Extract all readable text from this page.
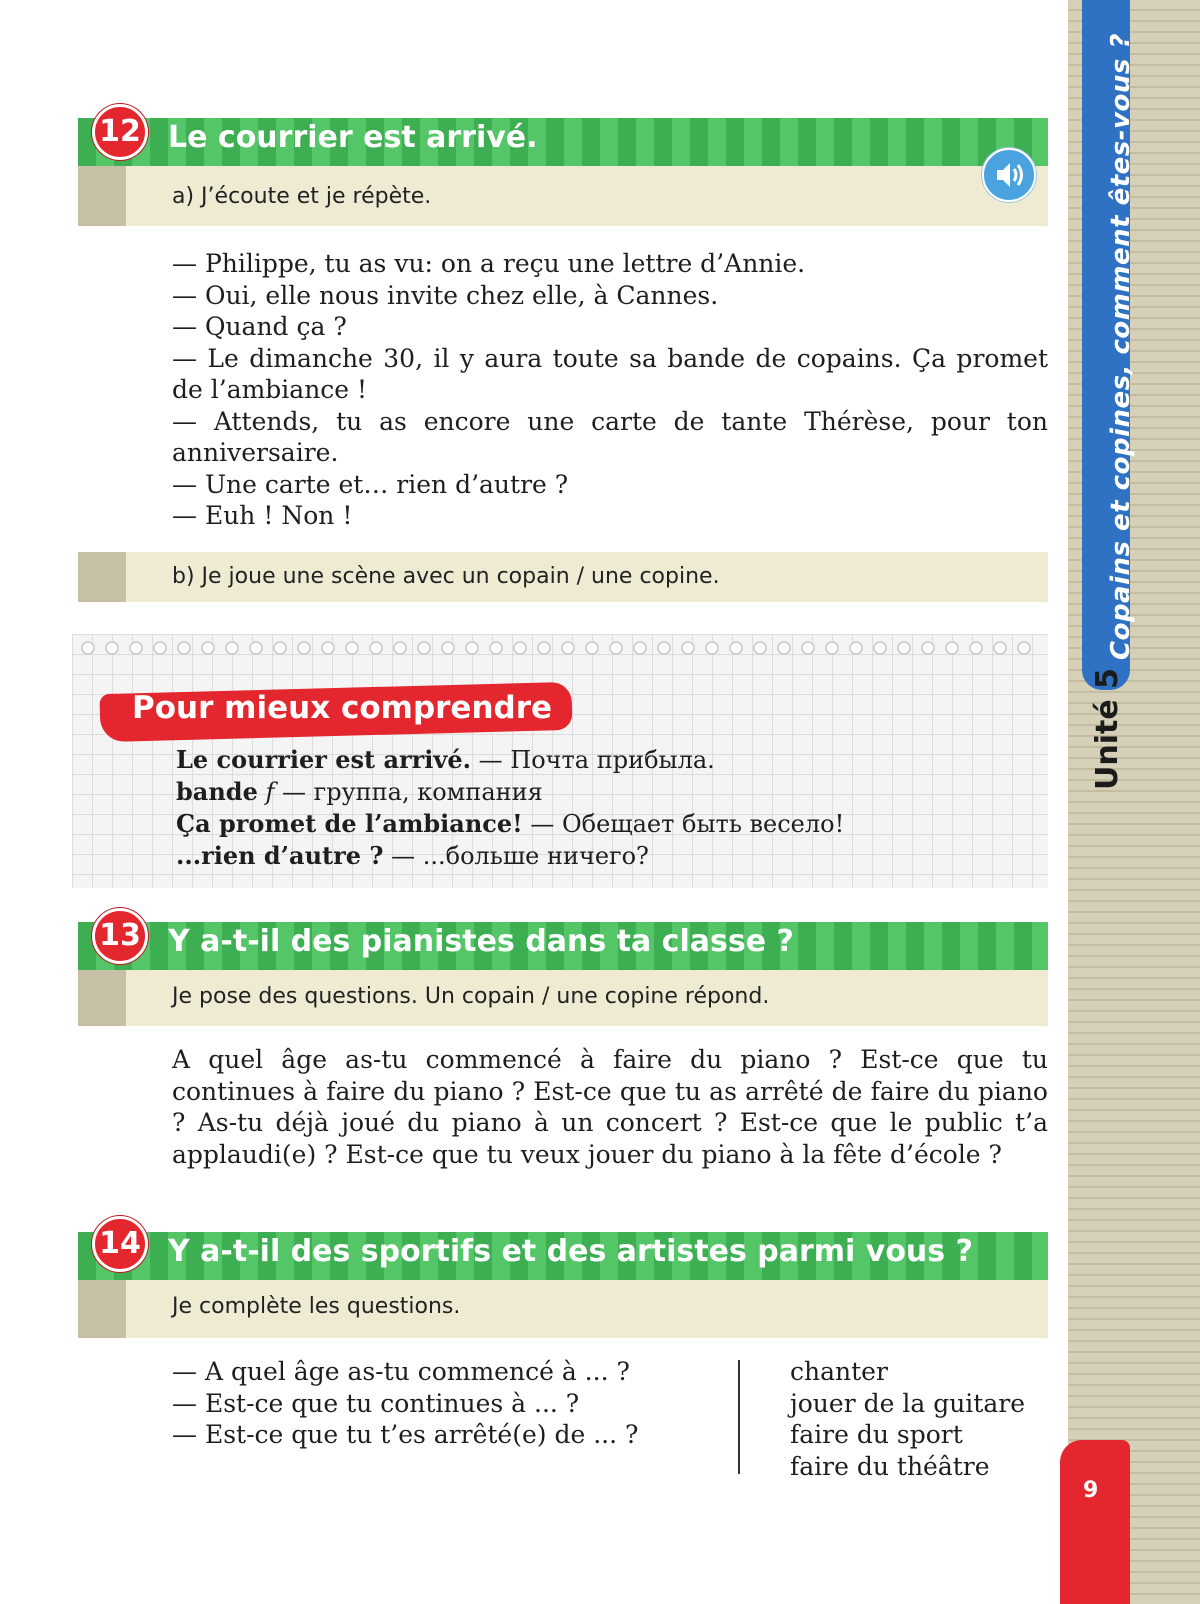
Copains et copines, comment êtes-vous ?
Unité 5
9
Le courrier est arrivé.
12
a) J’écoute et je répète.

— Philippe, tu as vu: on a reçu une lettre d’Annie.

— Oui, elle nous invite chez elle, à Cannes.

— Quand ça ?

— Le dimanche 30, il y aura toute sa bande de copains. Ça promet de l’ambiance !

— Attends, tu as encore une carte de tante Thérèse, pour ton anniversaire.

— Une carte et… rien d’autre ?

— Euh ! Non !

b) Je joue une scène avec un copain / une copine.
Pour mieux comprendre
Le courrier est arrivé. — Почта прибыла.
bande f — группа, компания
Ça promet de l’ambiance! — Обещает быть весело!
...rien d’autre ? — ...больше ничего?
Y a-t-il des pianistes dans ta classe ?
13
Je pose des questions. Un copain / une copine répond.

A quel âge as-tu commencé à faire du piano ? Est-ce que tu continues à faire du piano ? Est-ce que tu as arrêté de faire du piano ? As-tu déjà joué du piano à un concert ? Est-ce que le public t’a applaudi(e) ? Est-ce que tu veux jouer du piano à la fête d’école ?

Y a-t-il des sportifs et des artistes parmi vous ?
14
Je complète les questions.
— A quel âge as-tu commencé à ... ?
— Est-ce que tu continues à ... ?
— Est-ce que tu t’es arrêté(e) de ... ?
chanter
jouer de la guitare
faire du sport
faire du théâtre
